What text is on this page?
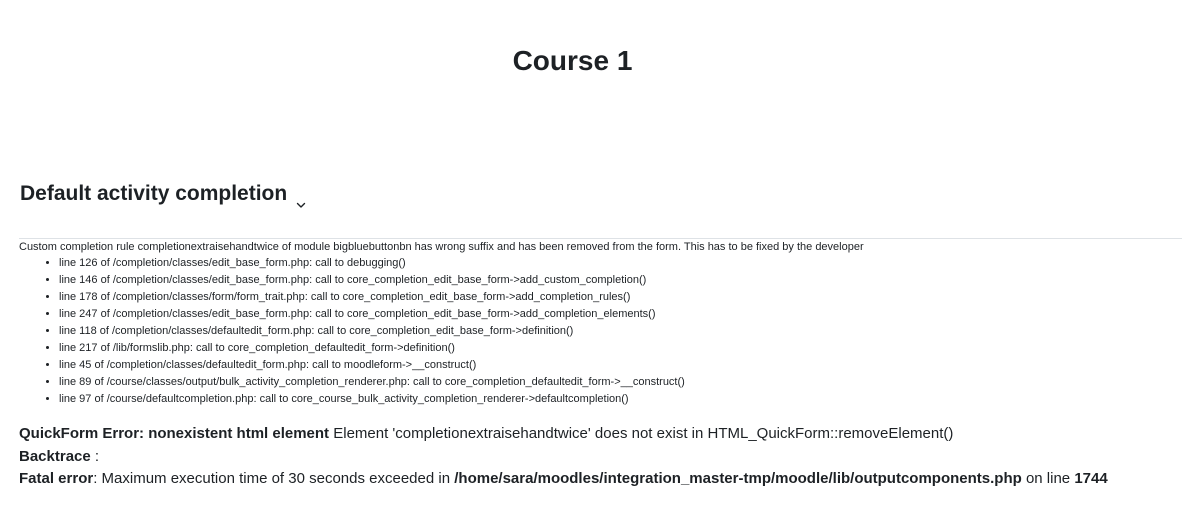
Course 1
Default activity completion
Custom completion rule completionextraisehandtwice of module bigbluebuttonbn has wrong suffix and has been removed from the form. This has to be fixed by the developer
• line 126 of /completion/classes/edit_base_form.php: call to debugging()
• line 146 of /completion/classes/edit_base_form.php: call to core_completion_edit_base_form->add_custom_completion()
• line 178 of /completion/classes/form/form_trait.php: call to core_completion_edit_base_form->add_completion_rules()
• line 247 of /completion/classes/edit_base_form.php: call to core_completion_edit_base_form->add_completion_elements()
• line 118 of /completion/classes/defaultedit_form.php: call to core_completion_edit_base_form->definition()
• line 217 of /lib/formslib.php: call to core_completion_defaultedit_form->definition()
• line 45 of /completion/classes/defaultedit_form.php: call to moodleform->__construct()
• line 89 of /course/classes/output/bulk_activity_completion_renderer.php: call to core_completion_defaultedit_form->__construct()
• line 97 of /course/defaultcompletion.php: call to core_course_bulk_activity_completion_renderer->defaultcompletion()
QuickForm Error: nonexistent html element Element 'completionextraisehandtwice' does not exist in HTML_QuickForm::removeElement()
Backtrace :
Fatal error: Maximum execution time of 30 seconds exceeded in /home/sara/moodles/integration_master-tmp/moodle/lib/outputcomponents.php on line 1744
